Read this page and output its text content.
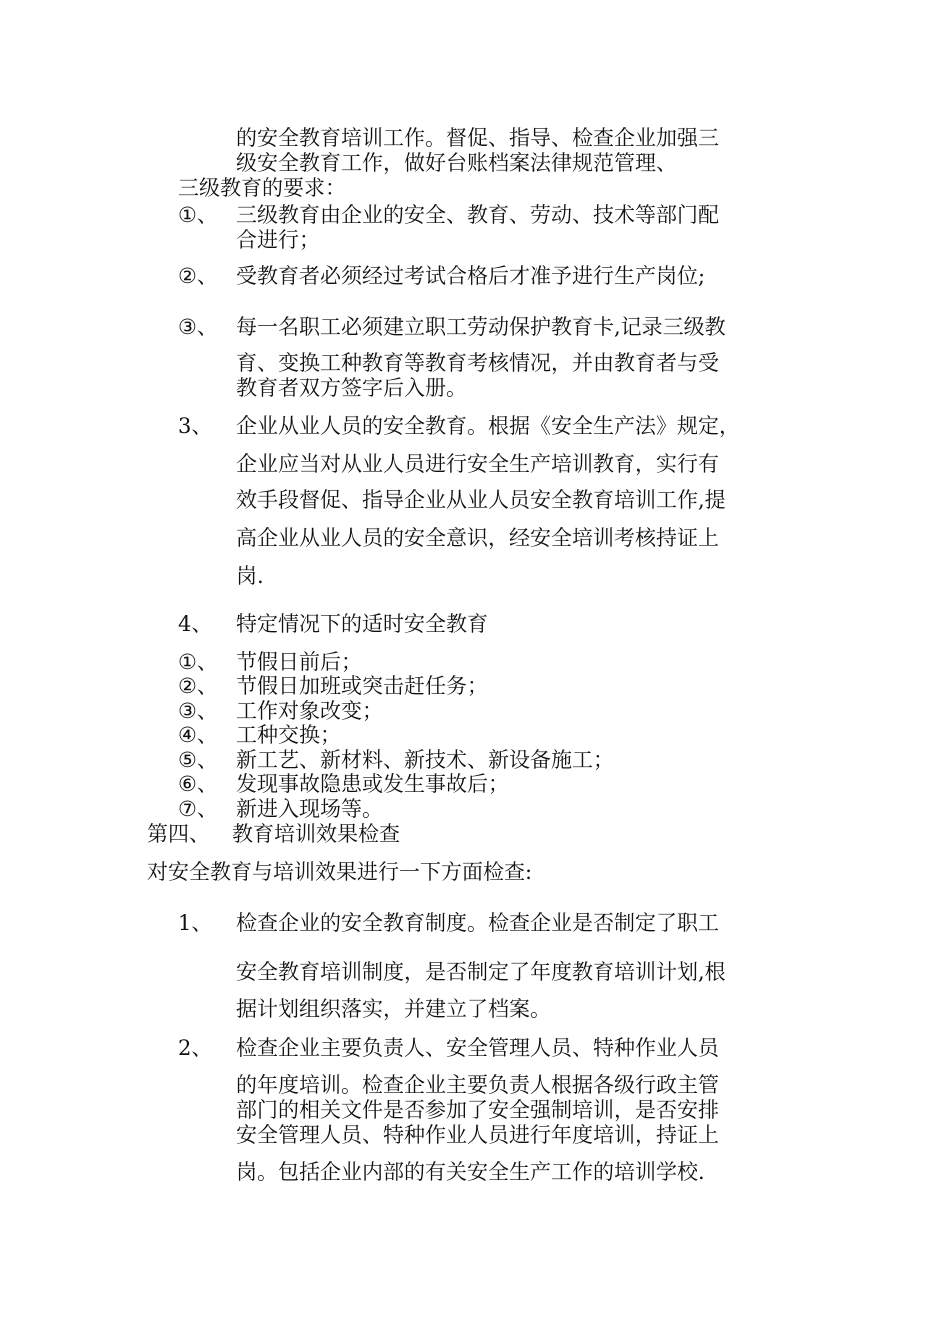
的安全教育培训工作。督促、指导、检查企业加强三
级安全教育工作，做好台账档案法律规范管理、
三级教育的要求：
①、 三级教育由企业的安全、教育、劳动、技术等部门配
合进行；
②、 受教育者必须经过考试合格后才准予进行生产岗位;
③、 每一名职工必须建立职工劳动保护教育卡,记录三级教
育、变换工种教育等教育考核情况，并由教育者与受
教育者双方签字后入册。
3、 企业从业人员的安全教育。根据《安全生产法》规定，
企业应当对从业人员进行安全生产培训教育，实行有
效手段督促、指导企业从业人员安全教育培训工作,提
高企业从业人员的安全意识，经安全培训考核持证上
岗.
4、 特定情况下的适时安全教育
①、 节假日前后；
②、 节假日加班或突击赶任务；
③、 工作对象改变；
④、 工种交换；
⑤、 新工艺、新材料、新技术、新设备施工；
⑥、 发现事故隐患或发生事故后；
⑦、 新进入现场等。
第四、 教育培训效果检查
对安全教育与培训效果进行一下方面检查:
1、 检查企业的安全教育制度。检查企业是否制定了职工
安全教育培训制度，是否制定了年度教育培训计划,根
据计划组织落实，并建立了档案。
2、 检查企业主要负责人、安全管理人员、特种作业人员
的年度培训。检查企业主要负责人根据各级行政主管
部门的相关文件是否参加了安全强制培训，是否安排
安全管理人员、特种作业人员进行年度培训，持证上
岗。包括企业内部的有关安全生产工作的培训学校.
